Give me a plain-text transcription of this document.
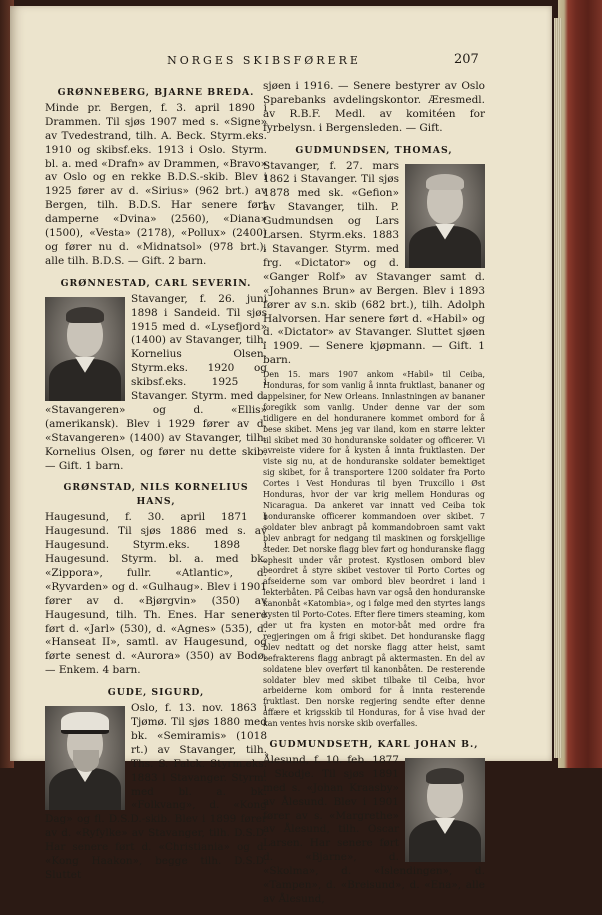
NORGES SKIBSFØRERE	207
GRØNNEBERG, BJARNE BREDA.
Minde pr. Bergen, f. 3. april 1890 i Drammen. Til sjøs 1907 med s. «Signe» av Tvedestrand, tilh. A. Beck. Styrm.eks. 1910 og skibsf.eks. 1913 i Oslo. Styrm. bl. a. med «Drafn» av Drammen, «Bravo» av Oslo og en rekke B.D.S.-skib. Blev i 1925 fører av d. «Sirius» (962 brt.) av Bergen, tilh. B.D.S. Har senere ført damperne «Dvina» (2560), «Diana» (1500), «Vesta» (2178), «Pollux» (2400) og fører nu d. «Midnatsol» (978 brt.), alle tilh. B.D.S. — Gift. 2 barn.
GRØNNESTAD, CARL SEVERIN.
Stavanger, f. 26. juni 1898 i Sandeid. Til sjøs 1915 med d. «Lysefjord» (1400) av Stavanger, tilh. Kornelius Olsen. Styrm.eks. 1920 og skibsf.eks. 1925 i Stavanger. Styrm. med d. «Stavangeren» og d. «Ellis» (amerikansk). Blev i 1929 fører av d. «Stavangeren» (1400) av Stavanger, tilh. Kornelius Olsen, og fører nu dette skib. — Gift. 1 barn.
GRØNSTAD, NILS KORNELIUS HANS,
Haugesund, f. 30. april 1871 i Haugesund. Til sjøs 1886 med s. av Haugesund. Styrm.eks. 1898 i Haugesund. Styrm. bl. a. med bk. «Zippora», fullr. «Atlantic», d. «Ryvarden» og d. «Gulhaug». Blev i 1901 fører av d. «Bjørgvin» (350) av Haugesund, tilh. Th. Enes. Har senere ført d. «Jarl» (530), d. «Agnes» (535), d. «Hanseat II», samtl. av Haugesund, og førte senest d. «Aurora» (350) av Bodø. — Enkem. 4 barn.
GUDE, SIGURD,
Oslo, f. 13. nov. 1863 i Tjømø. Til sjøs 1880 med bk. «Semiramis» (1018 rt.) av Stavanger, tilh. Ths. S. Falck. Styrm.eks. 1883 i Stavanger. Styrm. med bl. a. bk. «Folkvang», d. «Kong Dag» og fl. D.S.D.-skib. Blev i 1899 fører av d. «Ryfylke» av Stavanger, tilh. D.S.D. Har senere ført d. «Christiania» og d. «Kong Haakon», begge tilh. D.S.D. Sluttet
sjøen i 1916. — Senere bestyrer av Oslo Sparebanks avdelingskontor. Æresmedl. av R.B.F. Medl. av komitéen for fyrbelysn. i Bergensleden. — Gift.
GUDMUNDSEN, THOMAS,
Stavanger, f. 27. mars 1862 i Stavanger. Til sjøs 1878 med sk. «Gefion» av Stavanger, tilh. P. Gudmundsen og Lars Larsen. Styrm.eks. 1883 i Stavanger. Styrm. med frg. «Dictator» og d. «Ganger Rolf» av Stavanger samt d. «Johannes Brun» av Bergen. Blev i 1893 fører av s.n. skib (682 brt.), tilh. Adolph Halvorsen. Har senere ført d. «Habil» og d. «Dictator» av Stavanger. Sluttet sjøen i 1909. — Senere kjøpmann. — Gift. 1 barn.
Den 15. mars 1907 ankom «Habil» til Ceiba, Honduras, for som vanlig å innta fruktlast, bananer og appelsiner, for New Orleans. Innlastningen av bananer foregikk som vanlig. Under denne var der som tidligere en del honduranere kommet ombord for å bese skibet. Mens jeg var iland, kom en større lekter til skibet med 30 honduranske soldater og officerer. Vi avreiste videre for å kysten å innta fruktlasten. Der viste sig nu, at de honduranske soldater bemektiget sig skibet, for å transportere 1200 soldater fra Porto Cortes i Vest Honduras til byen Truxcillo i Øst Honduras, hvor der var krig mellem Honduras og Nicaragua. Da ankeret var innatt ved Ceiba tok honduranske officerer kommandoen over skibet. 7 soldater blev anbragt på kommandobroen samt vakt blev anbragt for nedgang til maskinen og forskjellige steder. Det norske flagg blev ført og honduranske flagg ophesit under vår protest. Kystlosen ombord blev beordret å styre skibet vestover til Porto Cortes og afseiderne som var ombord blev beordret i land i lekterbåten. På Ceibas havn var også den honduranske kanonbåt «Katombia», og i følge med den styrtes langs kysten til Porto-Cotes. Efter flere timers steaming, kom der ut fra kysten en motor-båt med ordre fra regjeringen om å frigi skibet. Det honduranske flagg blev nedtatt og det norske flagg atter heist, samt befrakterens flagg anbragt på aktermasten. En del av soldatene blev overført til kanonbåten. De resterende soldater blev med skibet tilbake til Ceiba, hvor arbeiderne kom ombord for å innta resterende fruktlast. Den norske regjering sendte efter denne affære et krigsskib til Honduras, for å vise hvad der kan ventes hvis norske skib overfalles.
GUDMUNDSETH, KARL JOHAN B.,
Ålesund, f. 10. feb. 1877 i Skodje. Til sjøs 1891 med s. «Johan Kraasby» av Ålesund. Blev i 1901 fører av s. «Margrethe» av Ålesund, tilh. Oscar Larsen. Har senere ført d. «Bjarne», d. «Skolma», d. «Islendingen», d. «Tampen», d. «Breisund», d. «Ena», alle av Ålesund,
